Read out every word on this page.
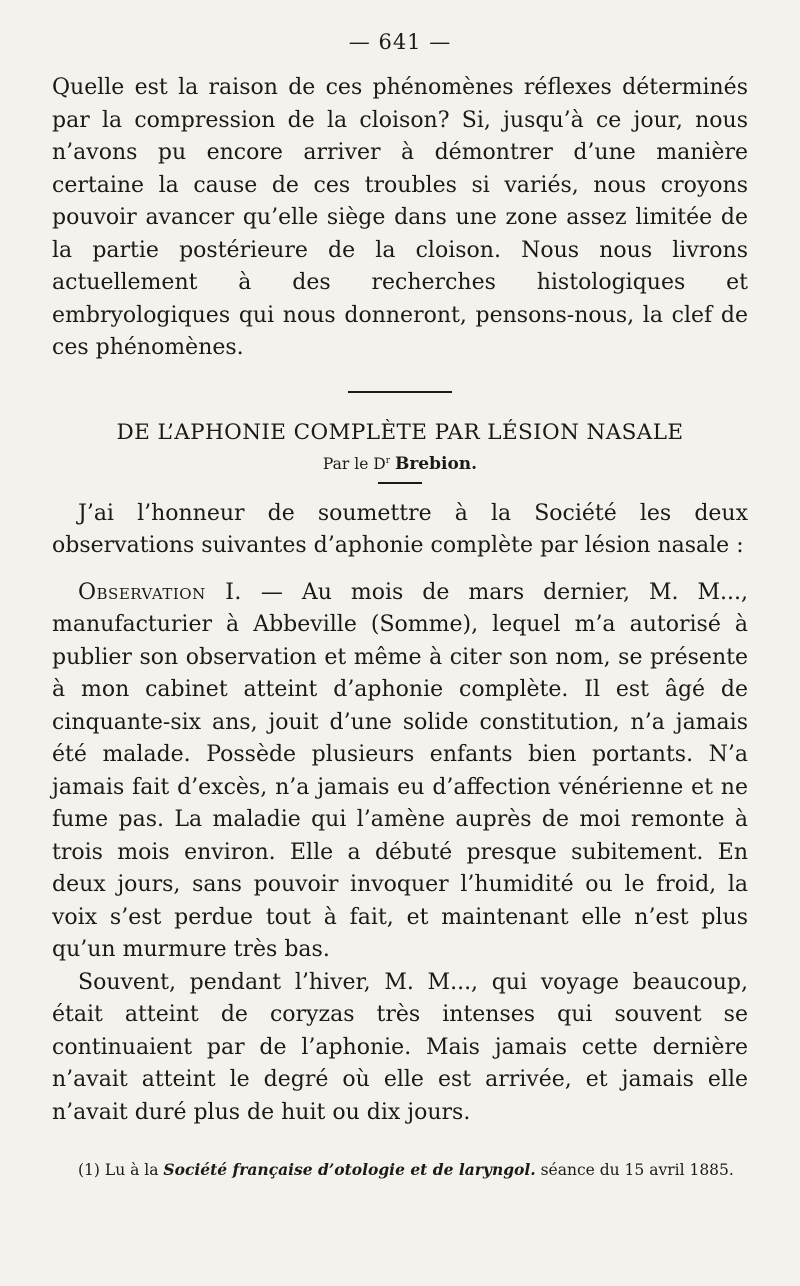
— 641 —

Quelle est la raison de ces phénomènes réflexes déterminés par la compression de la cloison? Si, jusqu’à ce jour, nous n’avons pu encore arriver à démontrer d’une manière certaine la cause de ces troubles si variés, nous croyons pouvoir avancer qu’elle siège dans une zone assez limitée de la partie postérieure de la cloison. Nous nous livrons actuellement à des recherches histologiques et embryologiques qui nous donneront, pensons-nous, la clef de ces phénomènes.

DE L’APHONIE COMPLÈTE PAR LÉSION NASALE

Par le $D^r$ Brebion.

J’ai l’honneur de soumettre à la Société les deux observations suivantes d’aphonie complète par lésion nasale :

Observation I. — Au mois de mars dernier, M. M..., manufacturier à Abbeville (Somme), lequel m’a autorisé à publier son observation et même à citer son nom, se présente à mon cabinet atteint d’aphonie complète. Il est âgé de cinquante-six ans, jouit d’une solide constitution, n’a jamais été malade. Possède plusieurs enfants bien portants. N’a jamais fait d’excès, n’a jamais eu d’affection vénérienne et ne fume pas. La maladie qui l’amène auprès de moi remonte à trois mois environ. Elle a débuté presque subitement. En deux jours, sans pouvoir invoquer l’humidité ou le froid, la voix s’est perdue tout à fait, et maintenant elle n’est plus qu’un murmure très bas.

Souvent, pendant l’hiver, M. M..., qui voyage beaucoup, était atteint de coryzas très intenses qui souvent se continuaient par de l’aphonie. Mais jamais cette dernière n’avait atteint le degré où elle est arrivée, et jamais elle n’avait duré plus de huit ou dix jours.

(1) Lu à la Société française d’otologie et de laryngol. séance du 15 avril 1885.
